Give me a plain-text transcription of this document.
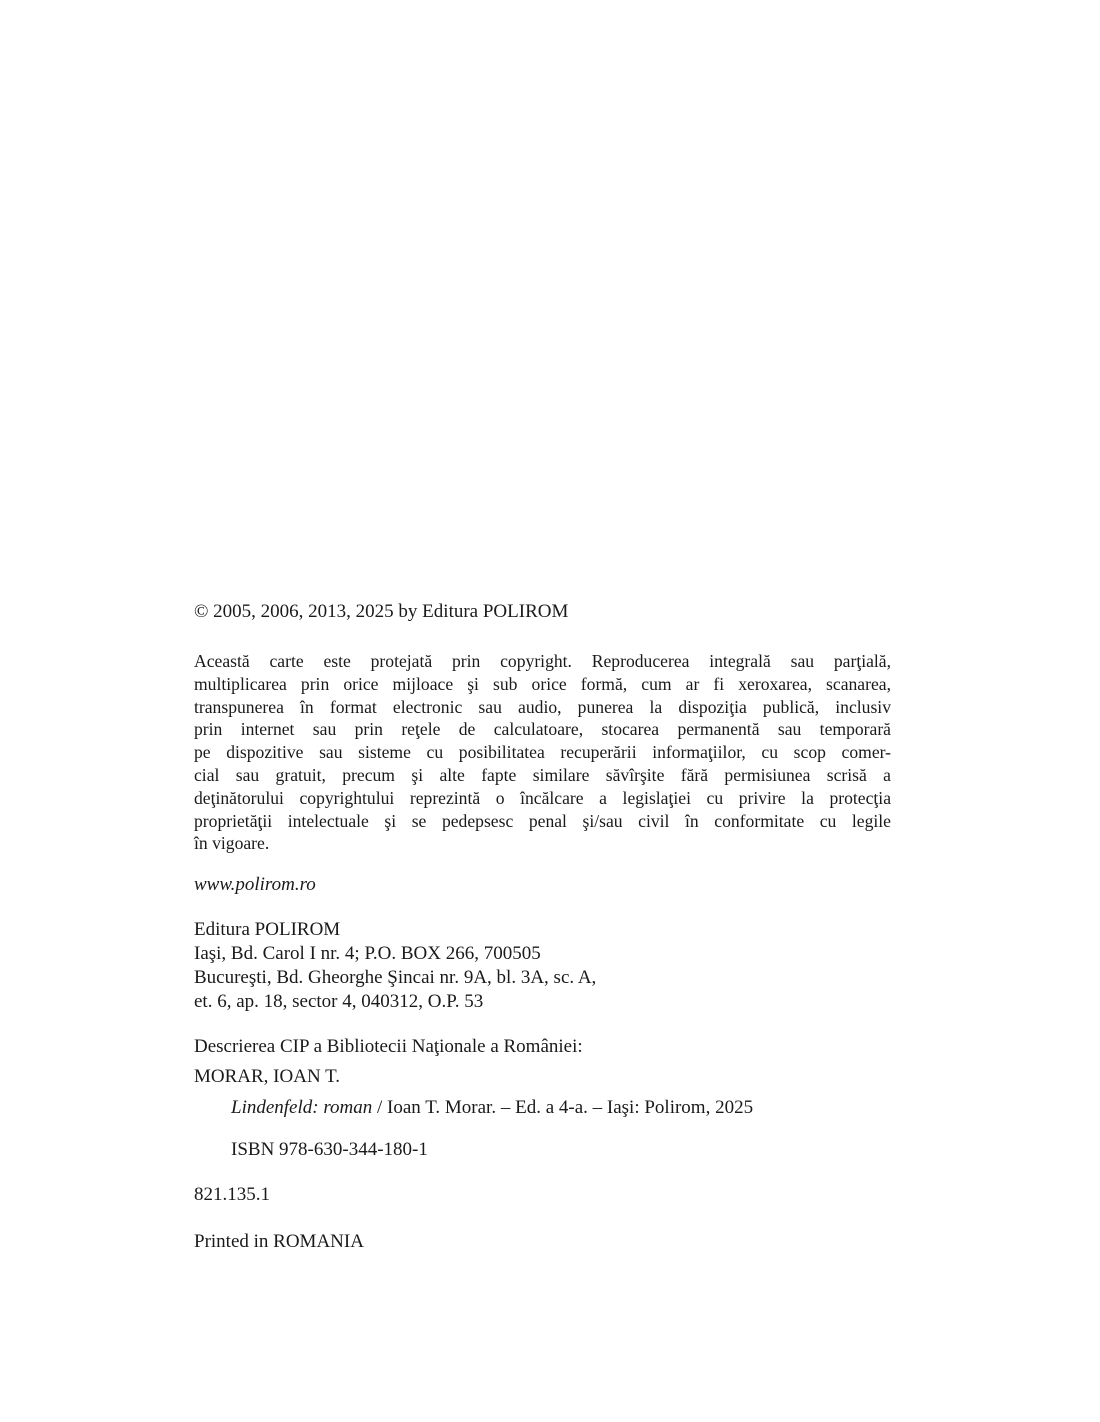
© 2005, 2006, 2013, 2025 by Editura POLIROM

Această carte este protejată prin copyright. Reproducerea integrală sau parţială,

multiplicarea prin orice mijloace şi sub orice formă, cum ar fi xeroxarea, scanarea,

transpunerea în format electronic sau audio, punerea la dispoziţia publică, inclusiv

prin internet sau prin reţele de calculatoare, stocarea permanentă sau temporară

pe dispozitive sau sisteme cu posibilitatea recuperării informaţiilor, cu scop comer-

cial sau gratuit, precum şi alte fapte similare săvîrşite fără permisiunea scrisă a

deţinătorului copyrightului reprezintă o încălcare a legislaţiei cu privire la protecţia

proprietăţii intelectuale şi se pedepsesc penal şi/sau civil în conformitate cu legile

în vigoare.

www.polirom.ro

Editura POLIROM

Iaşi, Bd. Carol I nr. 4; P.O. BOX 266, 700505

Bucureşti, Bd. Gheorghe Şincai nr. 9A, bl. 3A, sc. A,

et. 6, ap. 18, sector 4, 040312, O.P. 53

Descrierea CIP a Bibliotecii Naţionale a României:

MORAR, IOAN T.

Lindenfeld: roman / Ioan T. Morar. – Ed. a 4-a. – Iaşi: Polirom, 2025

ISBN 978-630-344-180-1

821.135.1

Printed in ROMANIA
